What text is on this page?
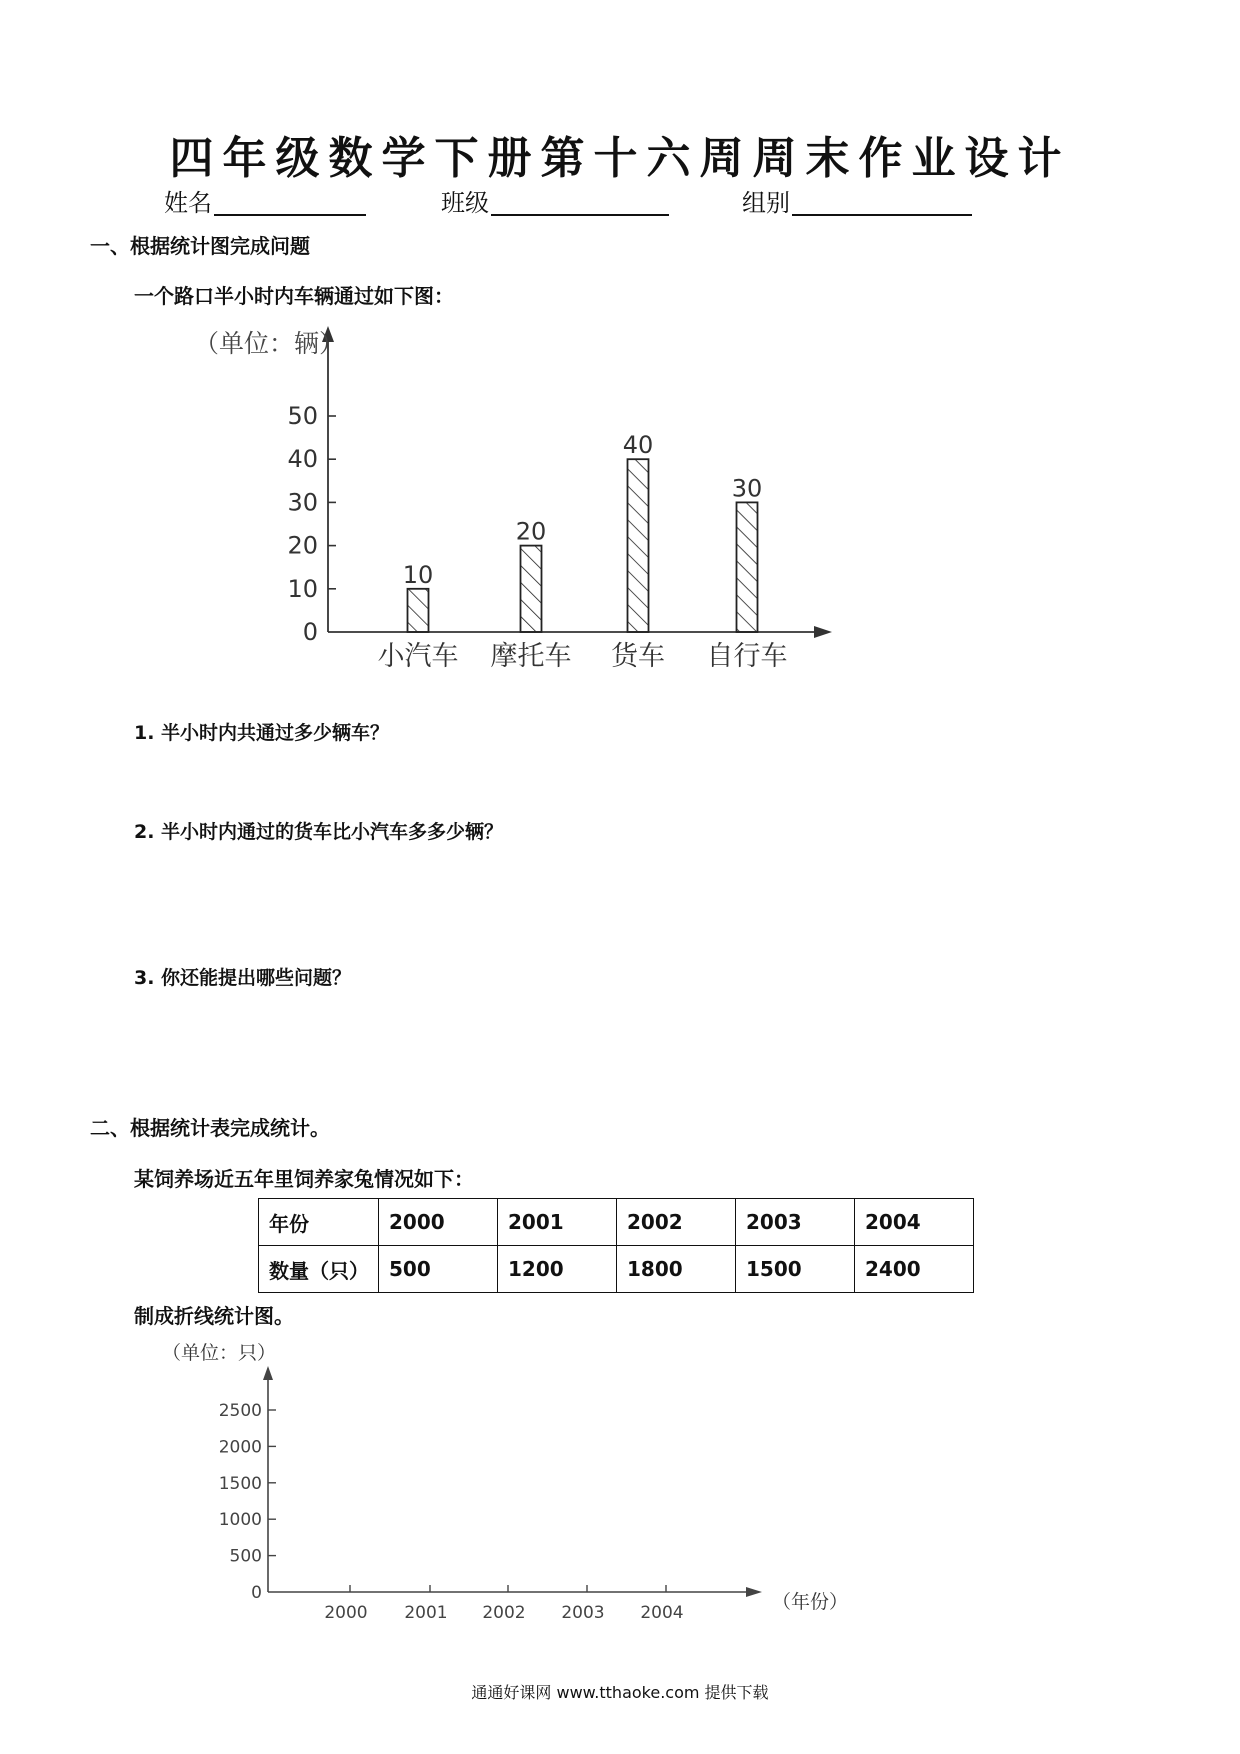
四年级数学下册第十六周周末作业设计
姓名	班级	组别
一、根据统计图完成问题
一个路口半小时内车辆通过如下图：
0
10
20
30
40
50
10
小汽车
20
摩托车
40
货车
30
自行车
（单位：辆）
1. 半小时内共通过多少辆车？
2. 半小时内通过的货车比小汽车多多少辆？
3. 你还能提出哪些问题？
二、根据统计表完成统计。
某饲养场近五年里饲养家兔情况如下：
年份	2000	2001	2002	2003	2004
数量（只）	500	1200	1800	1500	2400
制成折线统计图。
0
500
1000
1500
2000
2500
2000 2001 2002 2003 2004
（单位：只）
（年份）
通通好课网 www.tthaoke.com 提供下载
